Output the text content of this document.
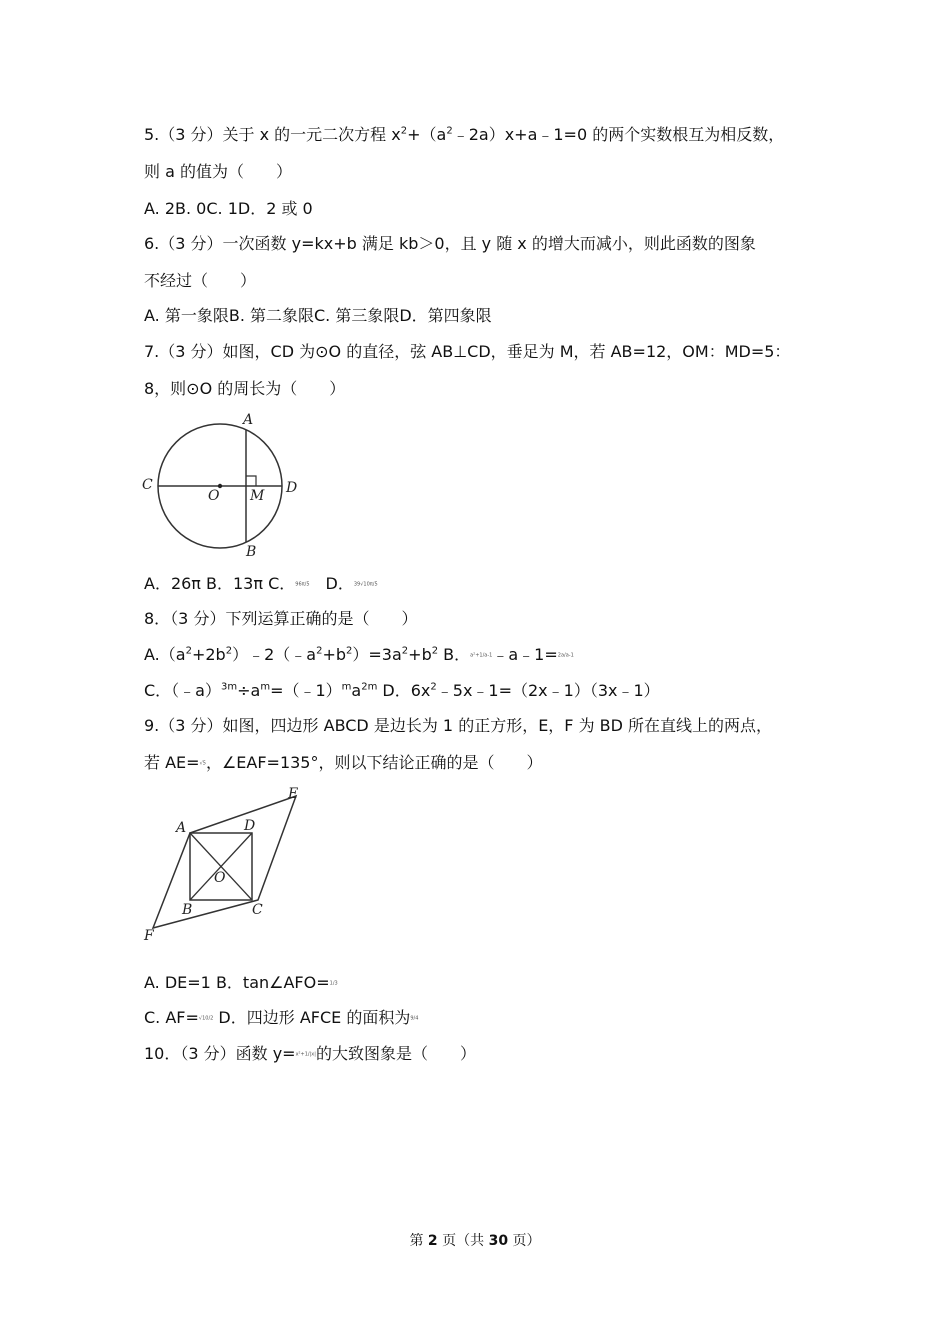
5.（3 分）关于 x 的一元二次方程 $x^2+(a^2﹣2a)x+a﹣1=0$ 的两个实数根互为相反数，
则 a 的值为（　　）
A. 2B. 0C. 1D．2 或 0
6.（3 分）一次函数 y=kx+b 满足 kb＞0，且 y 随 x 的增大而减小，则此函数的图象
不经过（　　）
A. 第一象限B. 第二象限C. 第三象限D．第四象限
7.（3 分）如图，CD 为⊙O 的直径，弦 AB⊥CD，垂足为 M，若 AB=12，OM：MD=5：
8，则⊙O 的周长为（　　）
A
B
C	D
O M
A．26π B．13π C．96π/5　D．39√10π/5
8．（3 分）下列运算正确的是（　　）
$A.(a^2+2b^2)﹣2(﹣a^2+b^2)=3a^2+b^2$ B．a²+1/a-1﹣a﹣1=2a/a-1
C．$(﹣a)^{3m}\div a^m=(﹣1)^ma^{2m}$ D．$6x^2﹣5x﹣1=(2x﹣1)(3x﹣1)$
9.（3 分）如图，四边形 ABCD 是边长为 1 的正方形，E，F 为 BD 所在直线上的两点，
若 AE=√5，∠EAF=135°，则以下结论正确的是（　　）
A
B	C
D
E
F
O
A. DE=1 B．tan∠AFO=1/3
C. AF=√10/2 D．四边形 AFCE 的面积为9/4
10．（3 分）函数 y=x²+1/|x|的大致图象是（　　）
第 2 页（共 30 页）
